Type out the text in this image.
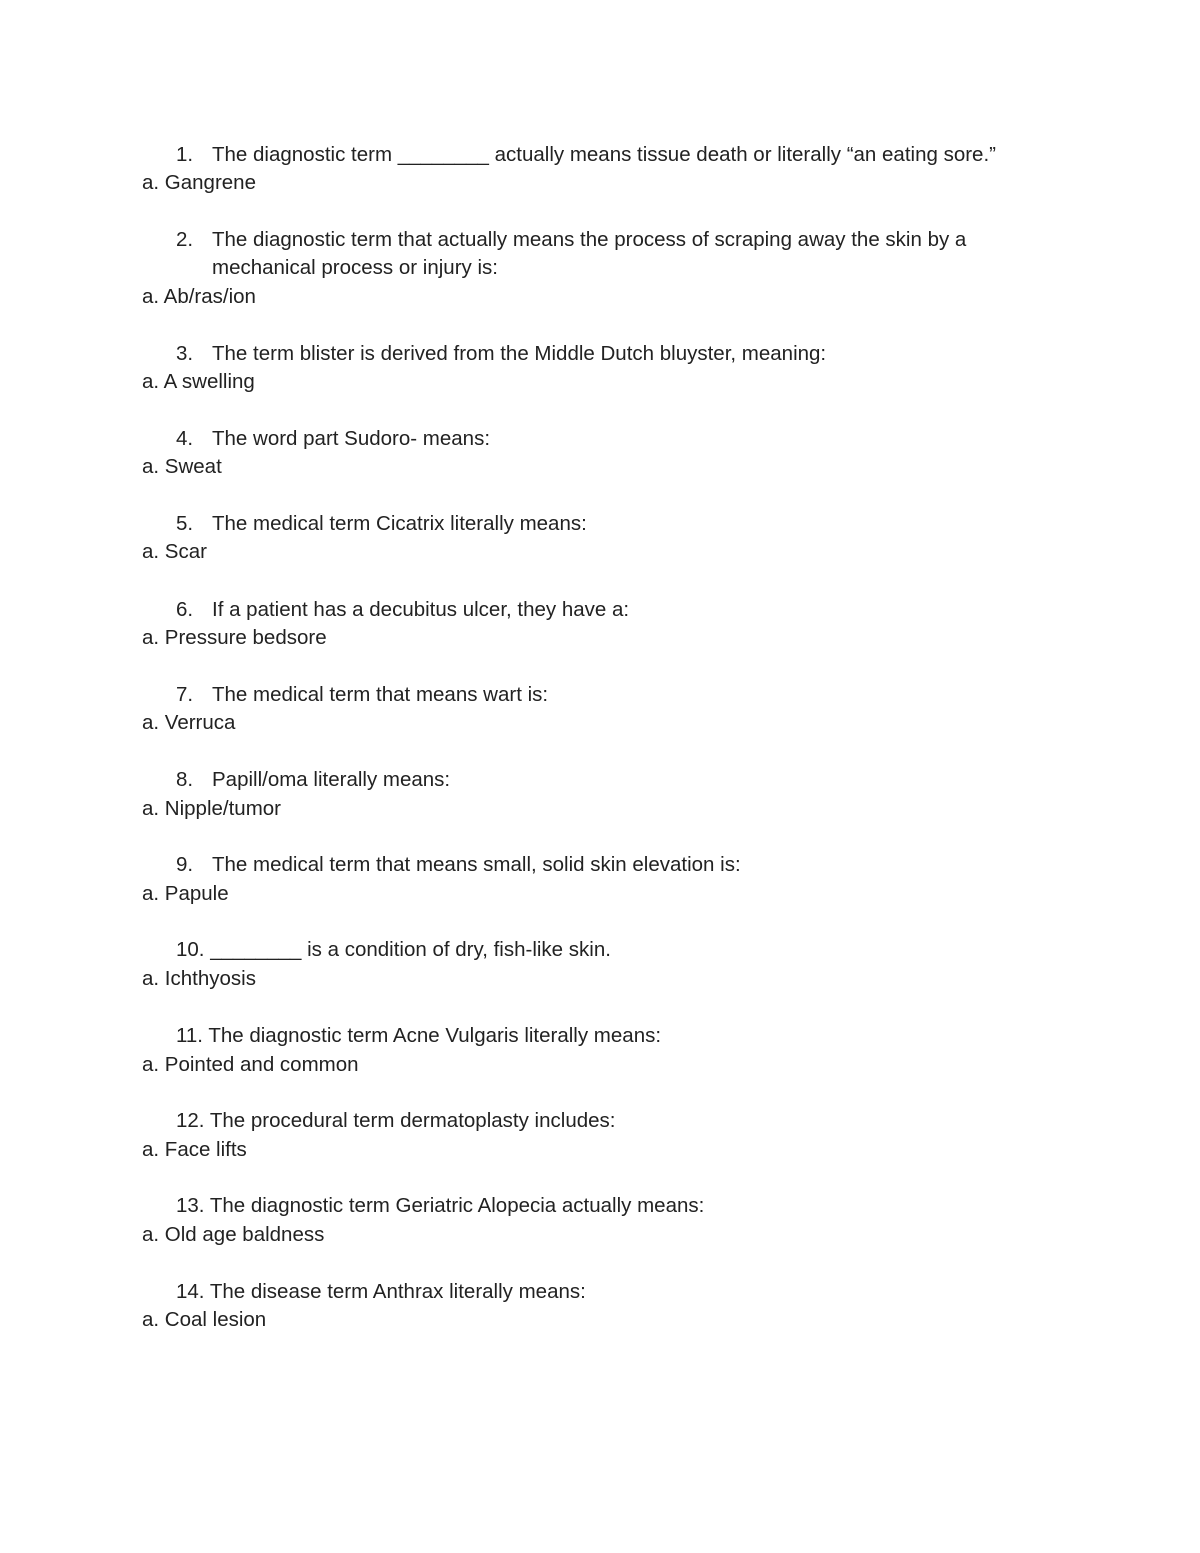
1. The diagnostic term ________ actually means tissue death or literally “an eating sore.”
a. Gangrene
2. The diagnostic term that actually means the process of scraping away the skin by a mechanical process or injury is:
a. Ab/ras/ion
3. The term blister is derived from the Middle Dutch bluyster, meaning:
a. A swelling
4. The word part Sudoro- means:
a. Sweat
5. The medical term Cicatrix literally means:
a. Scar
6. If a patient has a decubitus ulcer, they have a:
a. Pressure bedsore
7. The medical term that means wart is:
a. Verruca
8. Papill/oma literally means:
a. Nipple/tumor
9. The medical term that means small, solid skin elevation is:
a. Papule
10. ________ is a condition of dry, fish-like skin.
a. Ichthyosis
11. The diagnostic term Acne Vulgaris literally means:
a. Pointed and common
12. The procedural term dermatoplasty includes:
a. Face lifts
13. The diagnostic term Geriatric Alopecia actually means:
a. Old age baldness
14. The disease term Anthrax literally means:
a. Coal lesion
